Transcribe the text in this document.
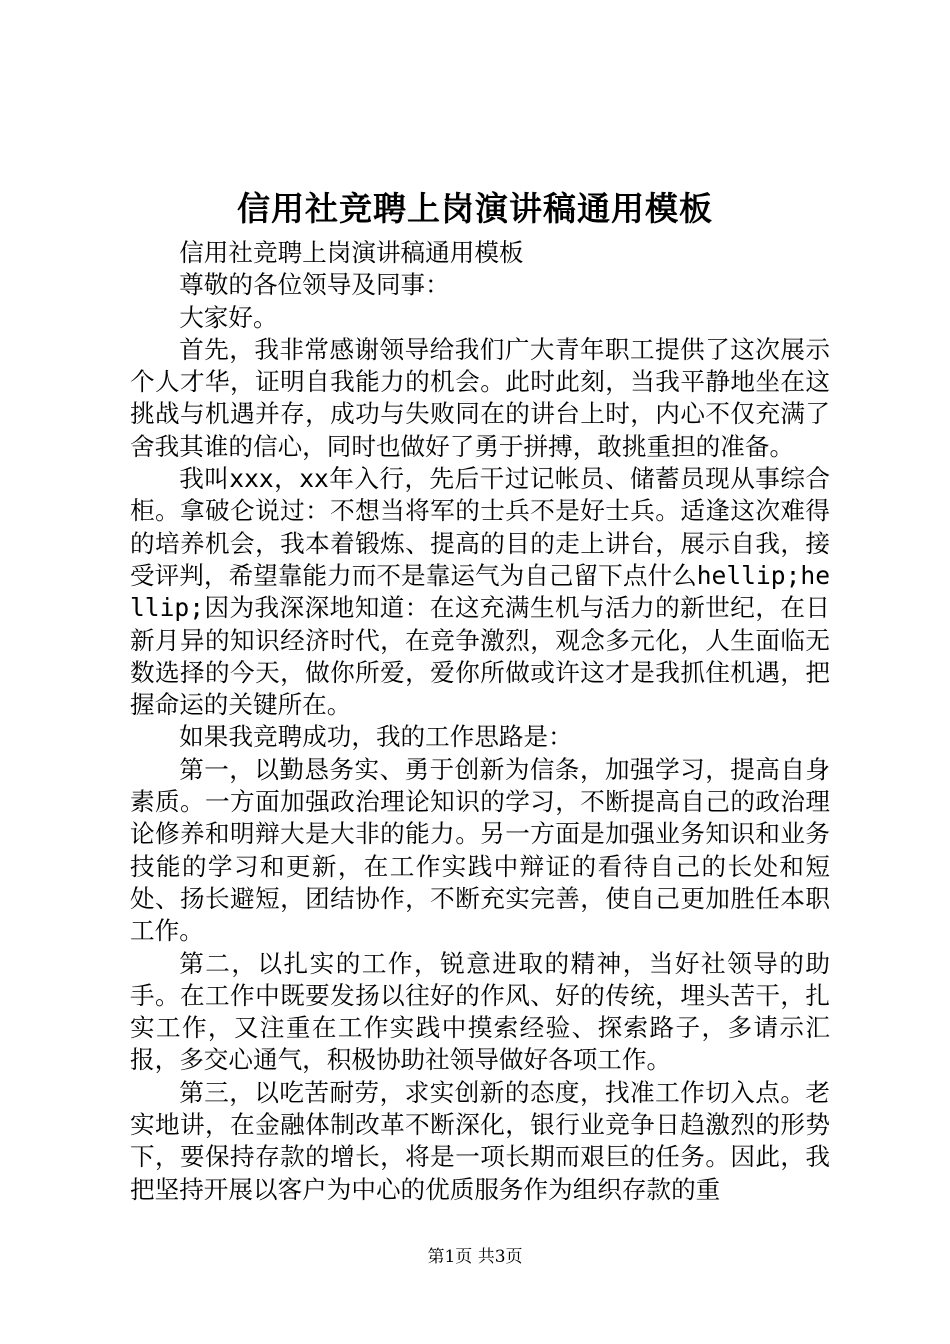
信用社竞聘上岗演讲稿通用模板

信用社竞聘上岗演讲稿通用模板

尊敬的各位领导及同事：

大家好。

首先，我非常感谢领导给我们广大青年职工提供了这次展示个人才华，证明自我能力的机会。此时此刻，当我平静地坐在这挑战与机遇并存，成功与失败同在的讲台上时，内心不仅充满了舍我其谁的信心，同时也做好了勇于拼搏，敢挑重担的准备。

我叫xxx，xx年入行，先后干过记帐员、储蓄员现从事综合柜。拿破仑说过：不想当将军的士兵不是好士兵。适逢这次难得的培养机会，我本着锻炼、提高的目的走上讲台，展示自我，接受评判，希望靠能力而不是靠运气为自己留下点什么hellip;hellip;因为我深深地知道：在这充满生机与活力的新世纪，在日新月异的知识经济时代，在竞争激烈，观念多元化，人生面临无数选择的今天，做你所爱，爱你所做或许这才是我抓住机遇，把握命运的关键所在。

如果我竞聘成功，我的工作思路是：

第一，以勤恳务实、勇于创新为信条，加强学习，提高自身素质。一方面加强政治理论知识的学习，不断提高自己的政治理论修养和明辩大是大非的能力。另一方面是加强业务知识和业务技能的学习和更新，在工作实践中辩证的看待自己的长处和短处、扬长避短，团结协作，不断充实完善，使自己更加胜任本职工作。

第二，以扎实的工作，锐意进取的精神，当好社领导的助手。在工作中既要发扬以往好的作风、好的传统，埋头苦干，扎实工作，又注重在工作实践中摸索经验、探索路子，多请示汇报，多交心通气，积极协助社领导做好各项工作。

第三，以吃苦耐劳，求实创新的态度，找准工作切入点。老实地讲，在金融体制改革不断深化，银行业竞争日趋激烈的形势下，要保持存款的增长，将是一项长期而艰巨的任务。因此，我把坚持开展以客户为中心的优质服务作为组织存款的重

第1页 共3页
